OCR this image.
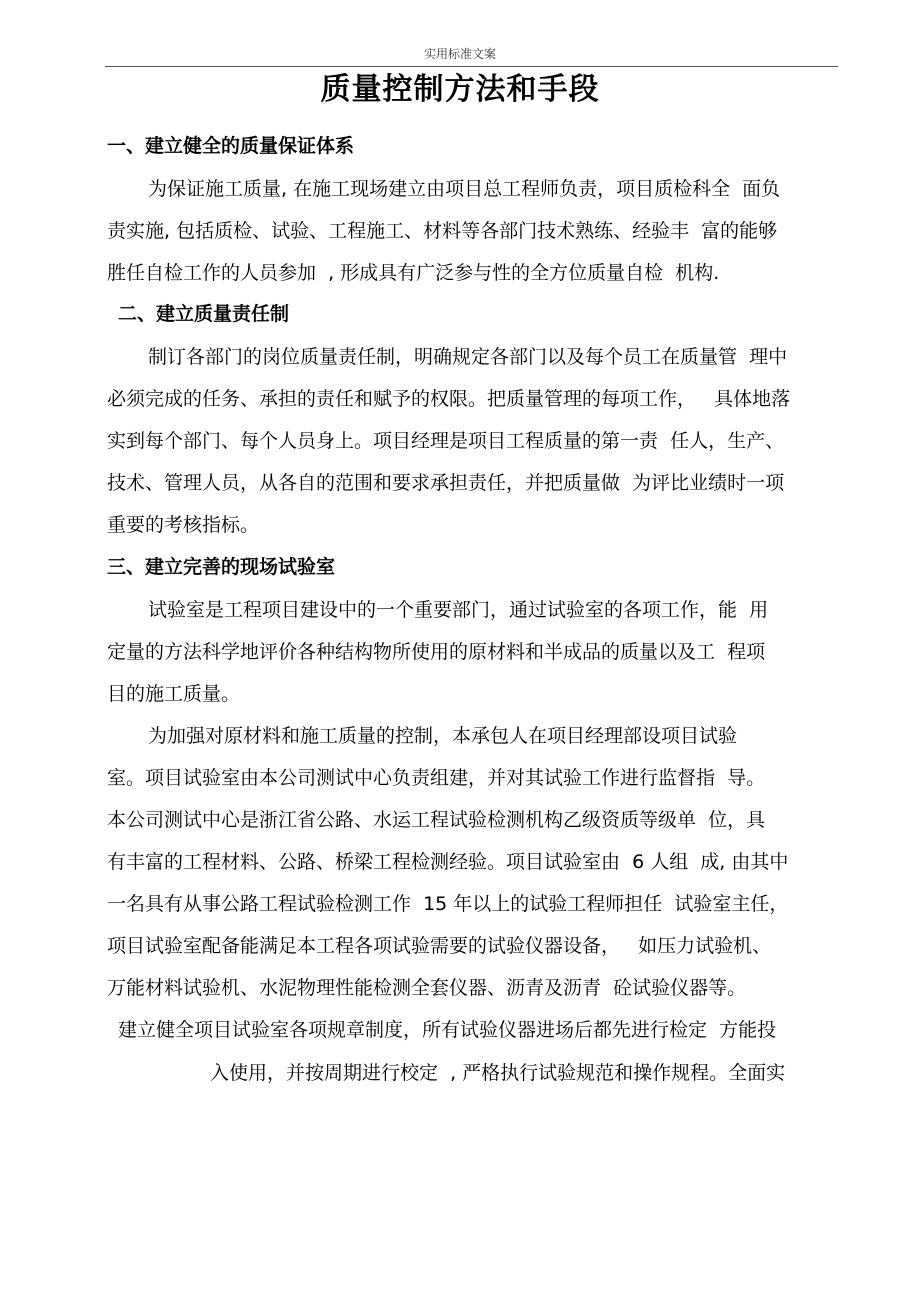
实用标准文案
质量控制方法和手段
一、建立健全的质量保证体系
为保证施工质量, 在施工现场建立由项目总工程师负责，项目质检科全  面负
责实施, 包括质检、试验、工程施工、材料等各部门技术熟练、经验丰  富的能够
胜任自检工作的人员参加  , 形成具有广泛参与性的全方位质量自检  机构.
二、建立质量责任制
制订各部门的岗位质量责任制，明确规定各部门以及每个员工在质量管  理中
必须完成的任务、承担的责任和赋予的权限。把质量管理的每项工作，   具体地落
实到每个部门、每个人员身上。项目经理是项目工程质量的第一责  任人，生产、
技术、管理人员，从各自的范围和要求承担责任，并把质量做  为评比业绩时一项
重要的考核指标。
三、建立完善的现场试验室
试验室是工程项目建设中的一个重要部门，通过试验室的各项工作，能  用
定量的方法科学地评价各种结构物所使用的原材料和半成品的质量以及工  程项
目的施工质量。
为加强对原材料和施工质量的控制，本承包人在项目经理部设项目试验
室。项目试验室由本公司测试中心负责组建，并对其试验工作进行监督指  导。
本公司测试中心是浙江省公路、水运工程试验检测机构乙级资质等级单  位，具
有丰富的工程材料、公路、桥梁工程检测经验。项目试验室由  6 人组  成, 由其中
一名具有从事公路工程试验检测工作  15 年以上的试验工程师担任  试验室主任，
项目试验室配备能满足本工程各项试验需要的试验仪器设备，   如压力试验机、
万能材料试验机、水泥物理性能检测全套仪器、沥青及沥青  砼试验仪器等。
建立健全项目试验室各项规章制度，所有试验仪器进场后都先进行检定  方能投
入使用，并按周期进行校定  , 严格执行试验规范和操作规程。全面实
